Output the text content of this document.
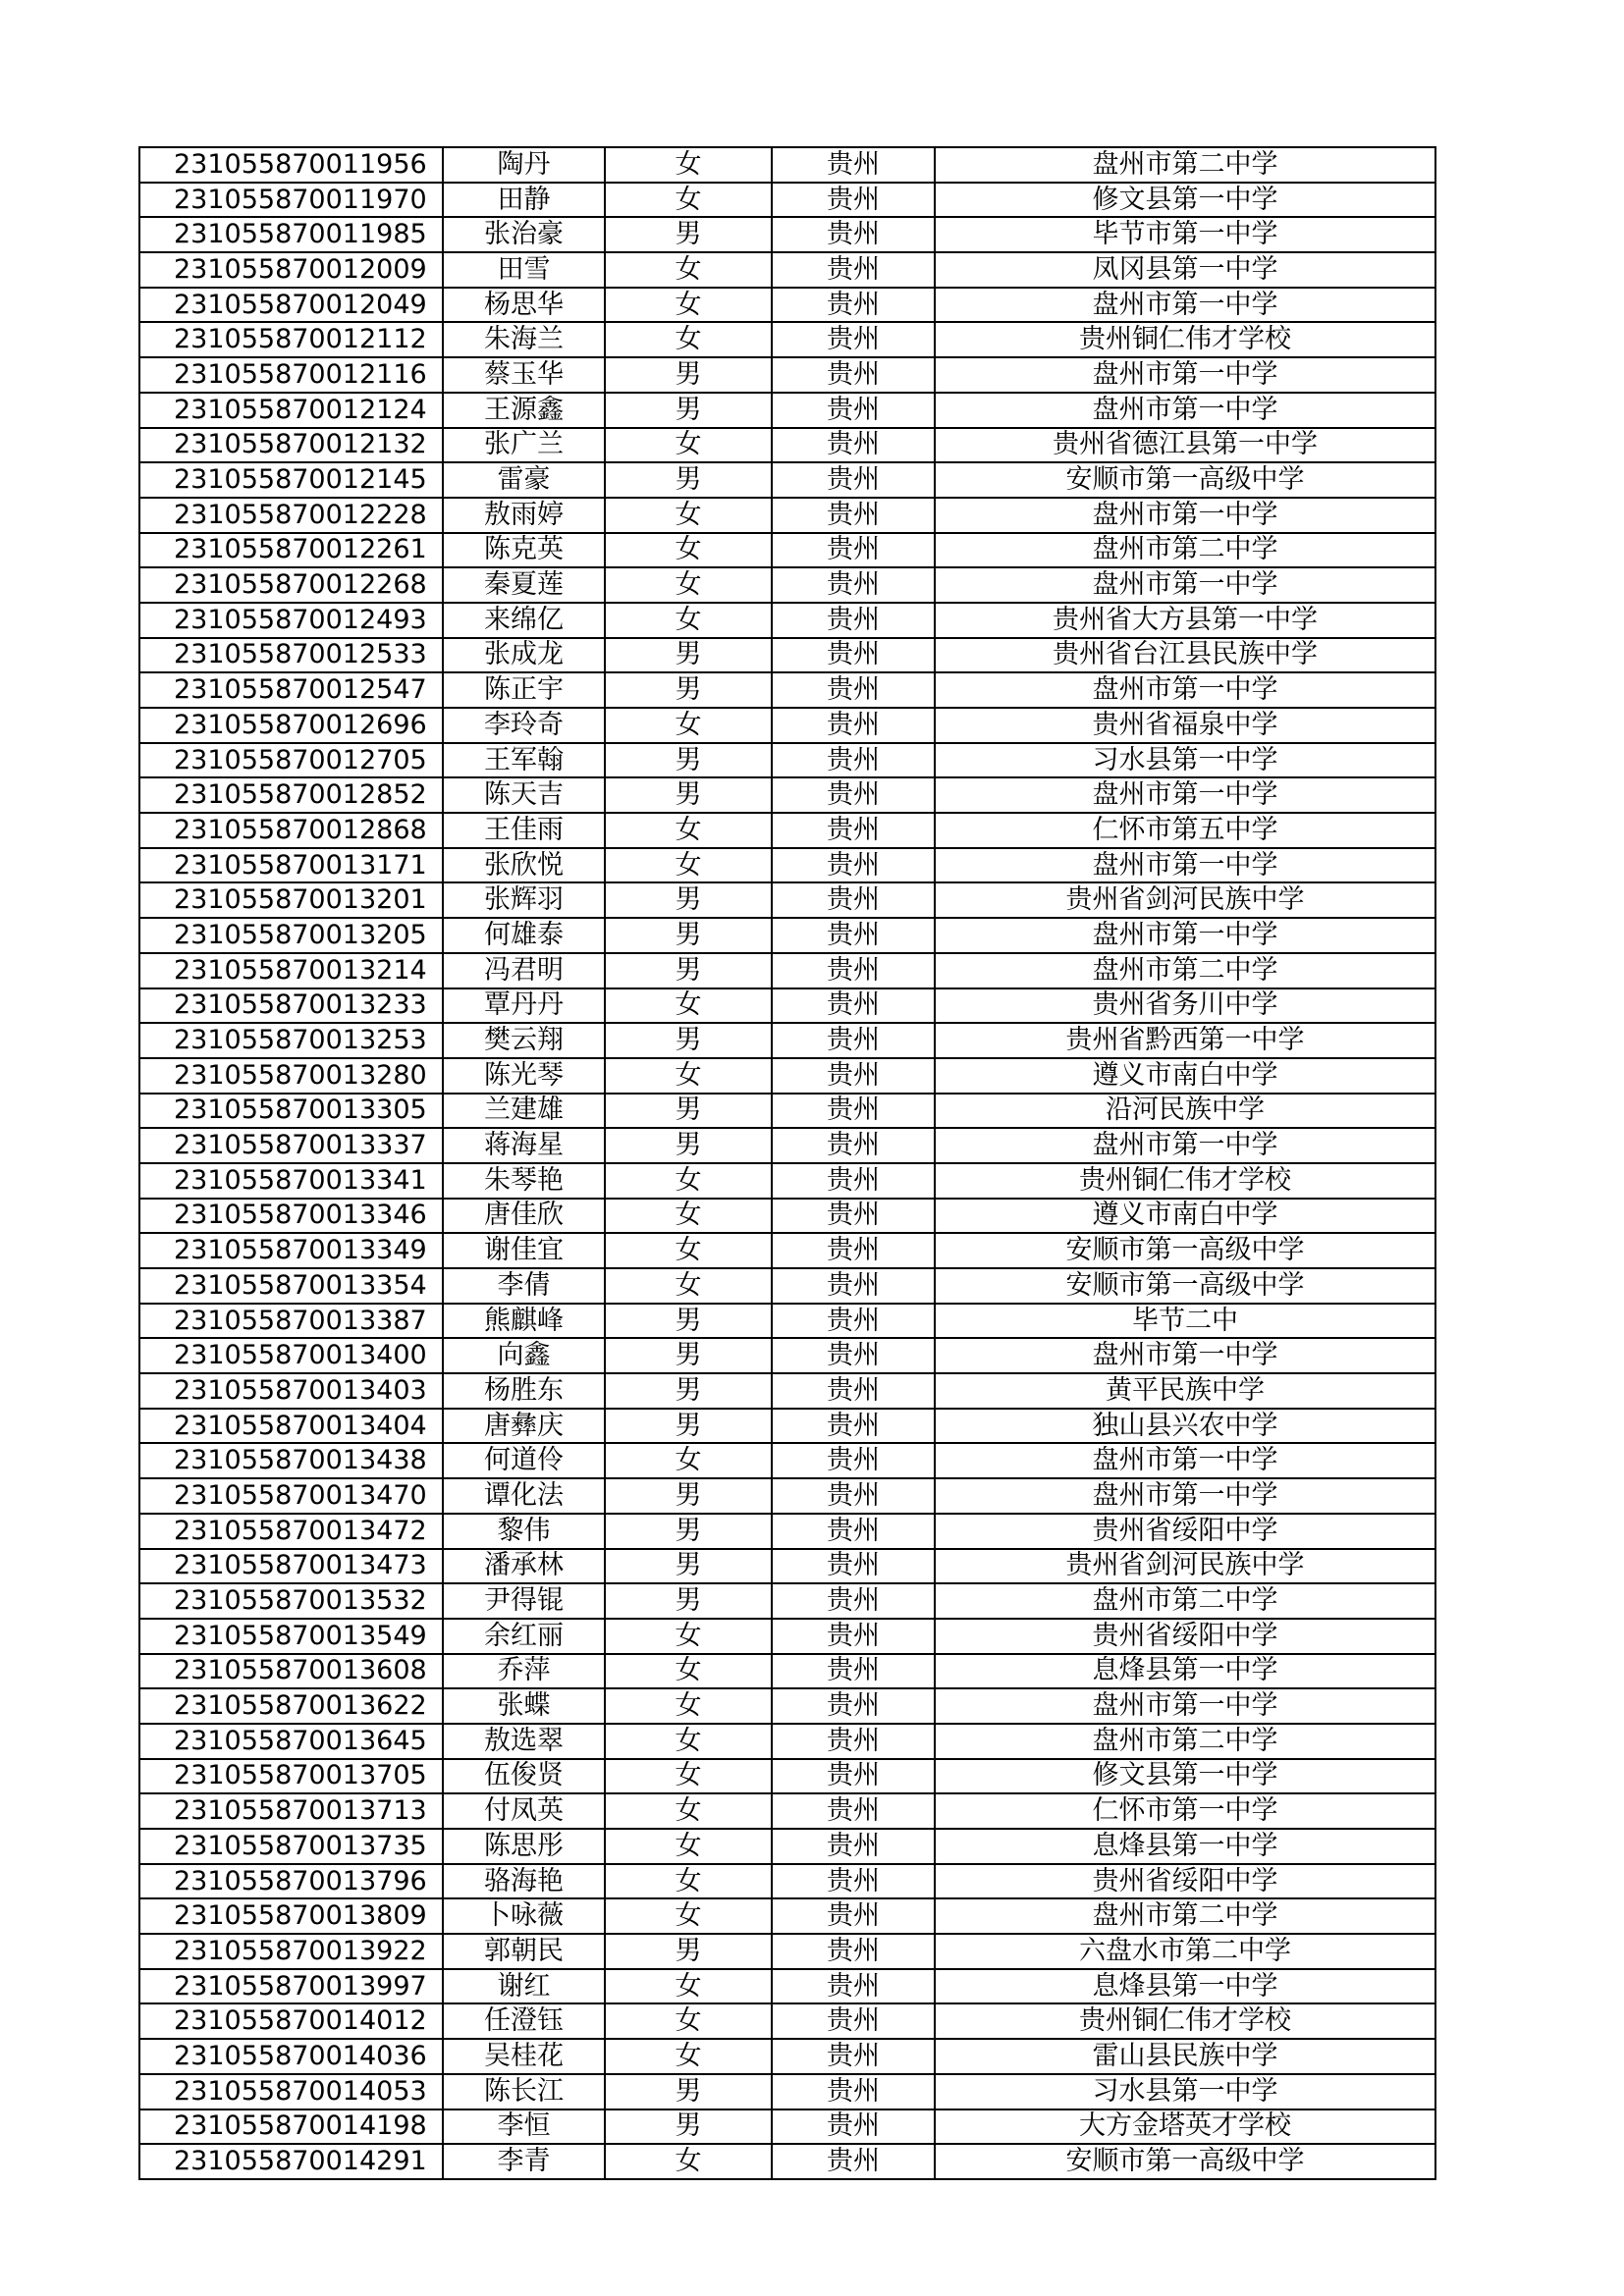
231055870011956	陶丹	女	贵州	盘州市第二中学
231055870011970	田静	女	贵州	修文县第一中学
231055870011985	张治豪	男	贵州	毕节市第一中学
231055870012009	田雪	女	贵州	凤冈县第一中学
231055870012049	杨思华	女	贵州	盘州市第一中学
231055870012112	朱海兰	女	贵州	贵州铜仁伟才学校
231055870012116	蔡玉华	男	贵州	盘州市第一中学
231055870012124	王源鑫	男	贵州	盘州市第一中学
231055870012132	张广兰	女	贵州	贵州省德江县第一中学
231055870012145	雷豪	男	贵州	安顺市第一高级中学
231055870012228	敖雨婷	女	贵州	盘州市第一中学
231055870012261	陈克英	女	贵州	盘州市第二中学
231055870012268	秦夏莲	女	贵州	盘州市第一中学
231055870012493	来绵亿	女	贵州	贵州省大方县第一中学
231055870012533	张成龙	男	贵州	贵州省台江县民族中学
231055870012547	陈正宇	男	贵州	盘州市第一中学
231055870012696	李玲奇	女	贵州	贵州省福泉中学
231055870012705	王军翰	男	贵州	习水县第一中学
231055870012852	陈天吉	男	贵州	盘州市第一中学
231055870012868	王佳雨	女	贵州	仁怀市第五中学
231055870013171	张欣悦	女	贵州	盘州市第一中学
231055870013201	张辉羽	男	贵州	贵州省剑河民族中学
231055870013205	何雄泰	男	贵州	盘州市第一中学
231055870013214	冯君明	男	贵州	盘州市第二中学
231055870013233	覃丹丹	女	贵州	贵州省务川中学
231055870013253	樊云翔	男	贵州	贵州省黔西第一中学
231055870013280	陈光琴	女	贵州	遵义市南白中学
231055870013305	兰建雄	男	贵州	沿河民族中学
231055870013337	蒋海星	男	贵州	盘州市第一中学
231055870013341	朱琴艳	女	贵州	贵州铜仁伟才学校
231055870013346	唐佳欣	女	贵州	遵义市南白中学
231055870013349	谢佳宜	女	贵州	安顺市第一高级中学
231055870013354	李倩	女	贵州	安顺市第一高级中学
231055870013387	熊麒峰	男	贵州	毕节二中
231055870013400	向鑫	男	贵州	盘州市第一中学
231055870013403	杨胜东	男	贵州	黄平民族中学
231055870013404	唐彝庆	男	贵州	独山县兴农中学
231055870013438	何道伶	女	贵州	盘州市第一中学
231055870013470	谭化法	男	贵州	盘州市第一中学
231055870013472	黎伟	男	贵州	贵州省绥阳中学
231055870013473	潘承林	男	贵州	贵州省剑河民族中学
231055870013532	尹得锟	男	贵州	盘州市第二中学
231055870013549	余红丽	女	贵州	贵州省绥阳中学
231055870013608	乔萍	女	贵州	息烽县第一中学
231055870013622	张蝶	女	贵州	盘州市第一中学
231055870013645	敖选翠	女	贵州	盘州市第二中学
231055870013705	伍俊贤	女	贵州	修文县第一中学
231055870013713	付凤英	女	贵州	仁怀市第一中学
231055870013735	陈思彤	女	贵州	息烽县第一中学
231055870013796	骆海艳	女	贵州	贵州省绥阳中学
231055870013809	卜咏薇	女	贵州	盘州市第二中学
231055870013922	郭朝民	男	贵州	六盘水市第二中学
231055870013997	谢红	女	贵州	息烽县第一中学
231055870014012	任澄钰	女	贵州	贵州铜仁伟才学校
231055870014036	吴桂花	女	贵州	雷山县民族中学
231055870014053	陈长江	男	贵州	习水县第一中学
231055870014198	李恒	男	贵州	大方金塔英才学校
231055870014291	李青	女	贵州	安顺市第一高级中学
